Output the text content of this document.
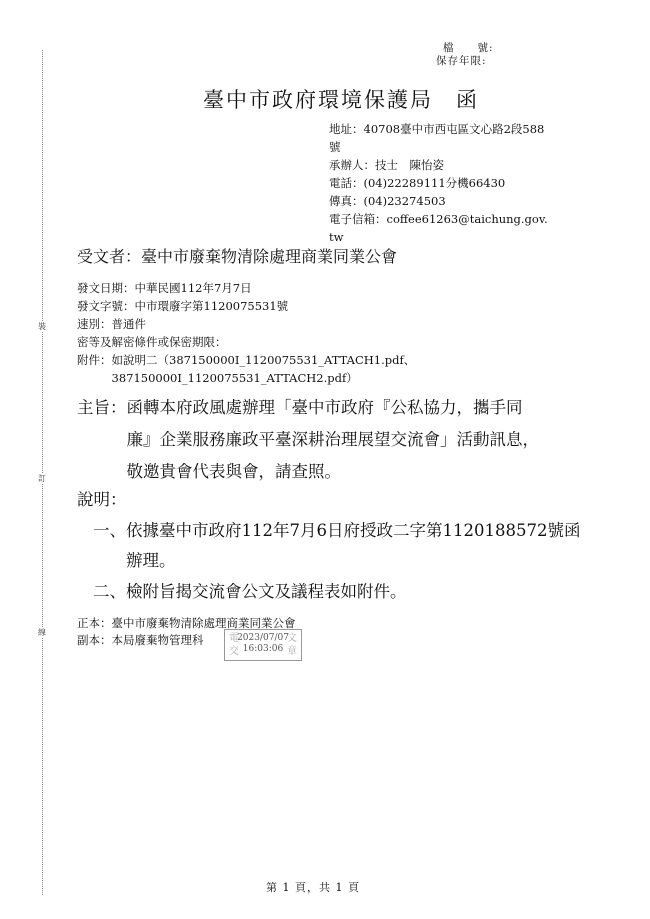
裝
訂
線
檔　　號:
保存年限:
臺中市政府環境保護局　函
地址：40708臺中市西屯區文心路2段588
號
承辦人：技士　陳怡姿
電話：(04)22289111分機66430
傳真：(04)23274503
電子信箱：coffee61263@taichung.gov.
tw
受文者：臺中市廢棄物清除處理商業同業公會
發文日期：中華民國112年7月7日
發文字號：中市環廢字第1120075531號
速別：普通件
密等及解密條件或保密期限：
附件：如說明二（387150000I_1120075531_ATTACH1.pdf、
　　　387150000I_1120075531_ATTACH2.pdf）
主旨：函轉本府政風處辦理「臺中市政府『公私協力，攜手同
　　　廉』企業服務廉政平臺深耕治理展望交流會」活動訊息，
　　　敬邀貴會代表與會，請查照。
說明：
一、依據臺中市政府112年7月6日府授政二字第1120188572號函
　　辦理。
二、檢附旨揭交流會公文及議程表如附件。
正本：臺中市廢棄物清除處理商業同業公會
副本：本局廢棄物管理科	電交
文章
2023/07/07
16:03:06
第 1 頁，共 1 頁
